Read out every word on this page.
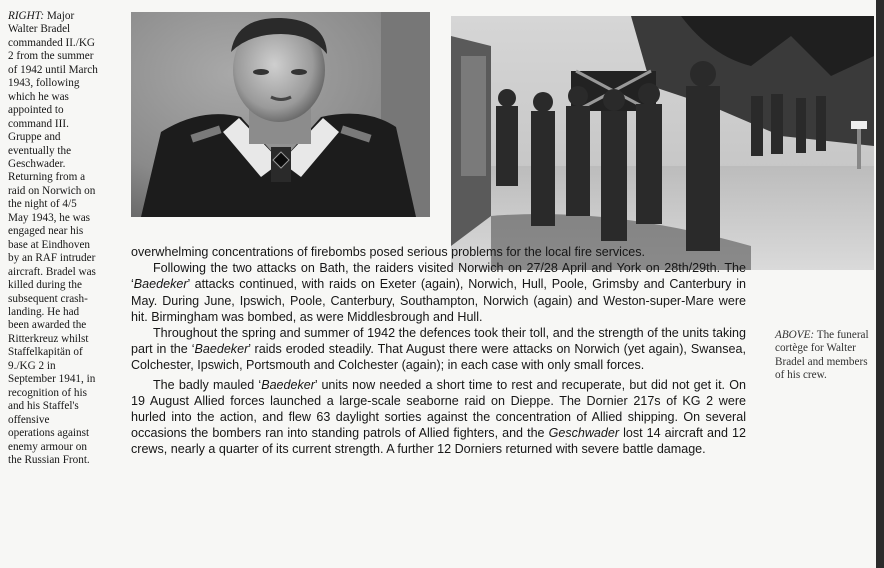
RIGHT: Major Walter Bradel commanded II./KG 2 from the summer of 1942 until March 1943, following which he was appointed to command III. Gruppe and eventually the Geschwader. Returning from a raid on Norwich on the night of 4/5 May 1943, he was engaged near his base at Eindhoven by an RAF intruder aircraft. Bradel was killed during the subsequent crash-landing. He had been awarded the Ritterkreuz whilst Staffelkapitän of 9./KG 2 in September 1941, in recognition of his and his Staffel's offensive operations against enemy armour on the Russian Front.
ABOVE: The funeral cortège for Walter Bradel and members of his crew.

overwhelming concentrations of firebombs posed serious problems for the local fire services.

Following the two attacks on Bath, the raiders visited Norwich on 27/28 April and York on 28th/29th. The ‘Baedeker’ attacks continued, with raids on Exeter (again), Norwich, Hull, Poole, Grimsby and Canterbury in May. During June, Ipswich, Poole, Canterbury, Southampton, Norwich (again) and Weston-super-Mare were hit. Birmingham was bombed, as were Middlesbrough and Hull.

Throughout the spring and summer of 1942 the defences took their toll, and the strength of the units taking part in the ‘Baedeker’ raids eroded steadily. That August there were attacks on Norwich (yet again), Swansea, Colchester, Ipswich, Portsmouth and Colchester (again); in each case with only small forces.

The badly mauled ‘Baedeker’ units now needed a short time to rest and recuperate, but did not get it. On 19 August Allied forces launched a large-scale seaborne raid on Dieppe. The Dornier 217s of KG 2 were hurled into the action, and flew 63 daylight sorties against the concentration of Allied shipping. On several occasions the bombers ran into standing patrols of Allied fighters, and the Geschwader lost 14 aircraft and 12 crews, nearly a quarter of its current strength. A further 12 Dorniers returned with severe battle damage.
